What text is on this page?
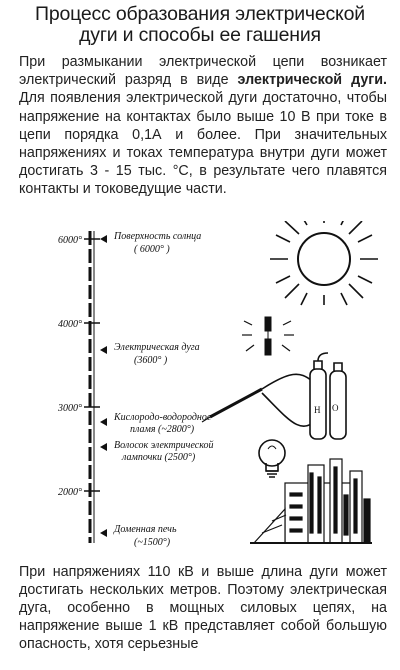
Процесс образования электрической
дуги и способы ее гашения

При размыкании электрической цепи возникает электрический разряд в виде электрической дуги. Для появления электрической дуги достаточно, чтобы напряжение на контактах было выше 10 В при токе в цепи порядка 0,1А и более. При значительных напряжениях и токах температура внутри дуги может достигать 3 - 15 тыс. °С, в результате чего плавятся контакты и токоведущие части.

6000°
4000°
3000°
2000°
Поверхность солнца
( 6000° )
Электрическая дуга
(3600° )
Кислородо-водородное
пламя (~2800°)
Волосок электрической
лампочки (2500°)
Доменная печь
(~1500°)
O
H

При напряжениях 110 кВ и выше длина дуги может достигать нескольких метров. Поэтому электрическая дуга, особенно в мощных силовых цепях, на напряжение выше 1 кВ представляет собой большую опасность, хотя серьезные
